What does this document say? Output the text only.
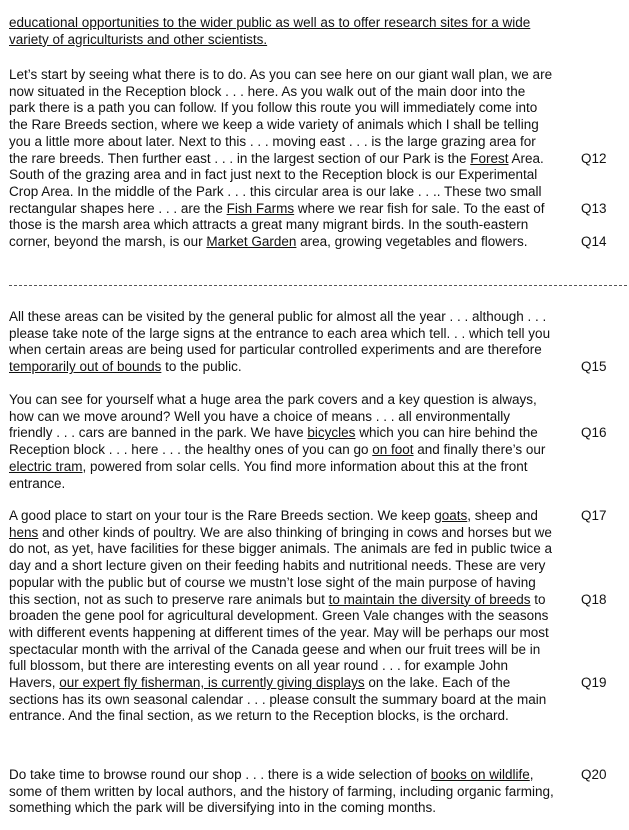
educational opportunities to the wider public as well as to offer research sites for a wide
variety of agriculturists and other scientists.
Let’s start by seeing what there is to do. As you can see here on our giant wall plan, we are
now situated in the Reception block . . . here. As you walk out of the main door into the
park there is a path you can follow. If you follow this route you will immediately come into
the Rare Breeds section, where we keep a wide variety of animals which I shall be telling
you a little more about later. Next to this . . . moving east . . . is the large grazing area for
the rare breeds. Then further east . . . in the largest section of our Park is the Forest Area.
South of the grazing area and in fact just next to the Reception block is our Experimental
Crop Area. In the middle of the Park . . . this circular area is our lake . . .. These two small
rectangular shapes here . . . are the Fish Farms where we rear fish for sale. To the east of
those is the marsh area which attracts a great many migrant birds. In the south-eastern
corner, beyond the marsh, is our Market Garden area, growing vegetables and flowers.
Q12
Q13
Q14
All these areas can be visited by the general public for almost all the year . . . although . . .
please take note of the large signs at the entrance to each area which tell. . . which tell you
when certain areas are being used for particular controlled experiments and are therefore
temporarily out of bounds to the public.	Q15
You can see for yourself what a huge area the park covers and a key question is always,
how can we move around? Well you have a choice of means . . . all environmentally
friendly . . . cars are banned in the park. We have bicycles which you can hire behind the
Reception block . . . here . . . the healthy ones of you can go on foot and finally there’s our
electric tram, powered from solar cells. You find more information about this at the front
entrance.
Q16
A good place to start on your tour is the Rare Breeds section. We keep goats, sheep and
hens and other kinds of poultry. We are also thinking of bringing in cows and horses but we
do not, as yet, have facilities for these bigger animals. The animals are fed in public twice a
day and a short lecture given on their feeding habits and nutritional needs. These are very
popular with the public but of course we mustn’t lose sight of the main purpose of having
this section, not as such to preserve rare animals but to maintain the diversity of breeds to
broaden the gene pool for agricultural development. Green Vale changes with the seasons
with different events happening at different times of the year. May will be perhaps our most
spectacular month with the arrival of the Canada geese and when our fruit trees will be in
full blossom, but there are interesting events on all year round . . . for example John
Havers, our expert fly fisherman, is currently giving displays on the lake. Each of the
sections has its own seasonal calendar . . . please consult the summary board at the main
entrance. And the final section, as we return to the Reception blocks, is the orchard.
Q17
Q18
Q19
Do take time to browse round our shop . . . there is a wide selection of books on wildlife,
some of them written by local authors, and the history of farming, including organic farming,
something which the park will be diversifying into in the coming months.
Q20
